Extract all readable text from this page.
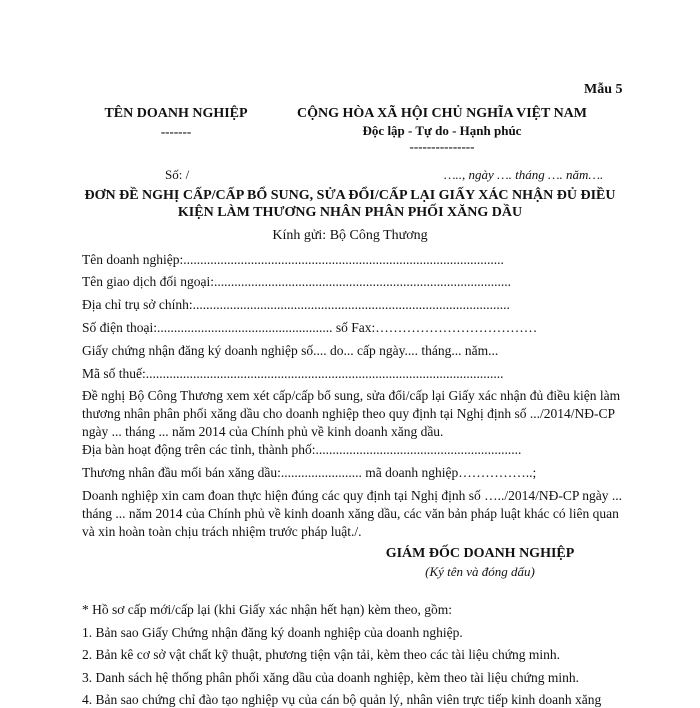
Mẫu 5
TÊN DOANH NGHIỆP
-------
CỘNG HÒA XÃ HỘI CHỦ NGHĨA VIỆT NAM
Độc lập - Tự do - Hạnh phúc
---------------
Số: /	….., ngày …. tháng …. năm….
ĐƠN ĐỀ NGHỊ CẤP/CẤP BỔ SUNG, SỬA ĐỔI/CẤP LẠI GIẤY XÁC NHẬN ĐỦ ĐIỀU
KIỆN LÀM THƯƠNG NHÂN PHÂN PHỐI XĂNG DẦU
Kính gửi: Bộ Công Thương
Tên doanh nghiệp:...............................................................................................
Tên giao dịch đối ngoại:........................................................................................
Địa chỉ trụ sở chính:..............................................................................................
Số điện thoại:.................................................... số Fax:………………………………
Giấy chứng nhận đăng ký doanh nghiệp số.... do... cấp ngày.... tháng... năm...
Mã số thuế:..........................................................................................................
Đề nghị Bộ Công Thương xem xét cấp/cấp bổ sung, sửa đổi/cấp lại Giấy xác nhận đủ điều kiện làm thương nhân phân phối xăng dầu cho doanh nghiệp theo quy định tại Nghị định số .../2014/NĐ-CP ngày ... tháng ... năm 2014 của Chính phủ về kinh doanh xăng dầu.
Địa bàn hoạt động trên các tỉnh, thành phố:.............................................................
Thương nhân đầu mối bán xăng dầu:........................ mã doanh nghiệp……………..;
Doanh nghiệp xin cam đoan thực hiện đúng các quy định tại Nghị định số …../2014/NĐ-CP ngày ... tháng ... năm 2014 của Chính phủ về kinh doanh xăng dầu, các văn bản pháp luật khác có liên quan và xin hoàn toàn chịu trách nhiệm trước pháp luật./.
GIÁM ĐỐC DOANH NGHIỆP
(Ký tên và đóng dấu)
* Hồ sơ cấp mới/cấp lại (khi Giấy xác nhận hết hạn) kèm theo, gồm:
1. Bản sao Giấy Chứng nhận đăng ký doanh nghiệp của doanh nghiệp.
2. Bản kê cơ sở vật chất kỹ thuật, phương tiện vận tải, kèm theo các tài liệu chứng minh.
3. Danh sách hệ thống phân phối xăng dầu của doanh nghiệp, kèm theo tài liệu chứng minh.
4. Bản sao chứng chỉ đào tạo nghiệp vụ của cán bộ quản lý, nhân viên trực tiếp kinh doanh xăng
